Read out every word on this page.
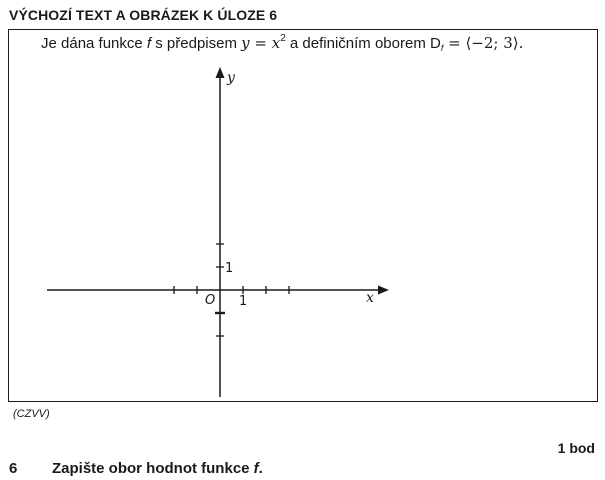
VÝCHOZÍ TEXT A OBRÁZEK K ÚLOZE 6
Je dána funkce f s předpisem $y = x^2$ a definičním oborem $D_f$ = ⟨−2; 3⟩.
y
x
O 1
1
(CZVV)
1 bod
6 Zapište obor hodnot funkce f.
